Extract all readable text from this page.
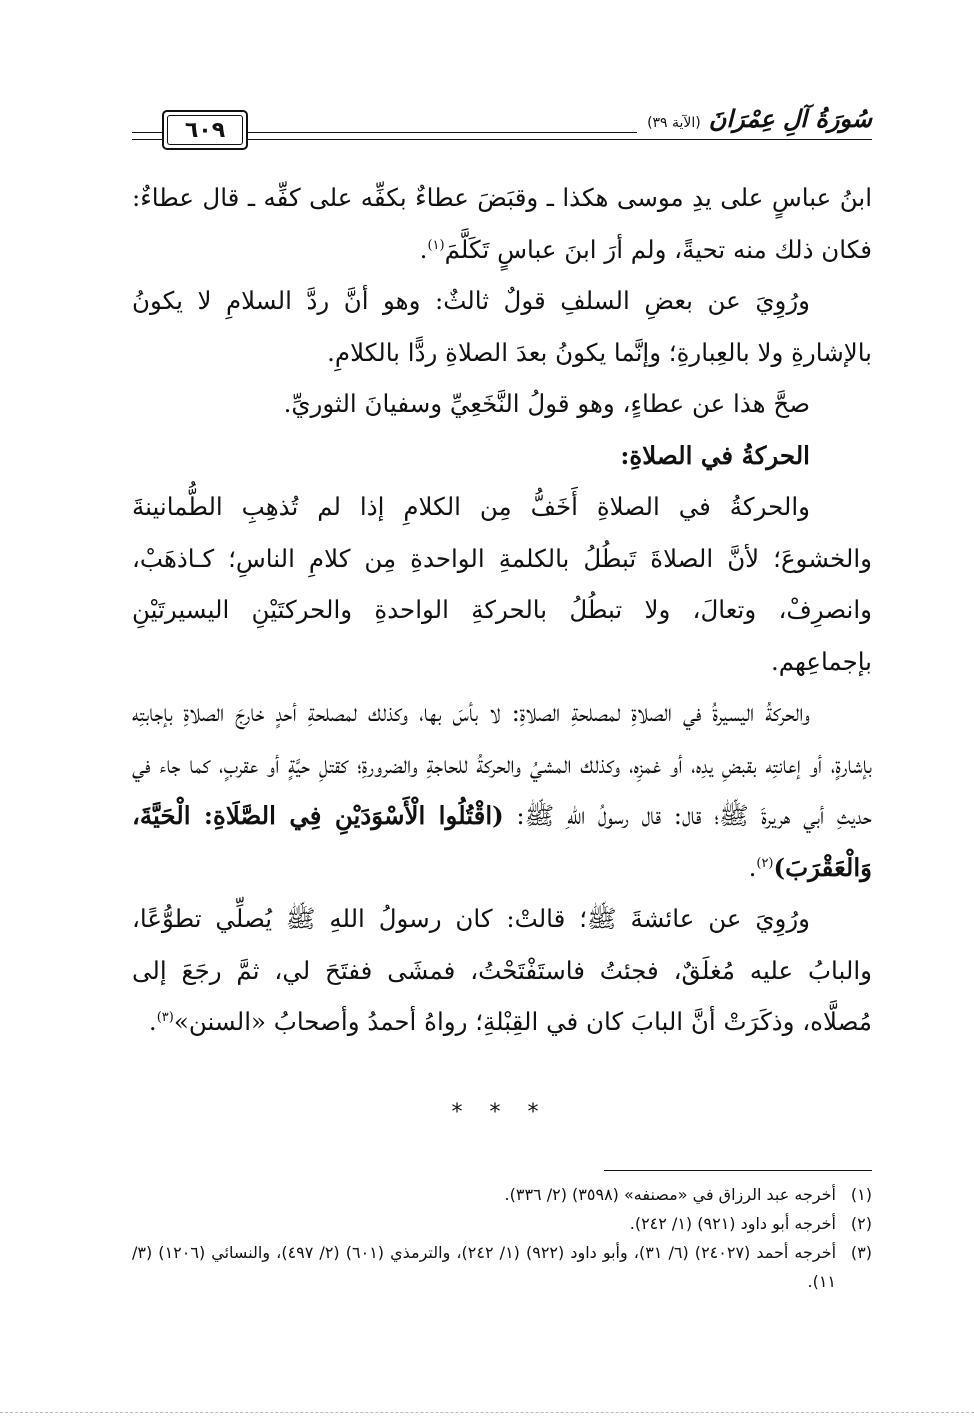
٦٠٩	سُورَةُ آلِ عِمْرَانَ
(الآية ٣٩)

ابنُ عباسٍ على يدِ موسى هكذا ـ وقبَضَ عطاءٌ بكفِّه على كفِّه ـ قال عطاءٌ: فكان ذلك منه تحيةً، ولم أرَ ابنَ عباسٍ تَكَلَّمَ$^{(١)}$.

ورُوِيَ عن بعضِ السلفِ قولٌ ثالثٌ: وهو أنَّ ردَّ السلامِ لا يكونُ بالإشارةِ ولا بالعِبارةِ؛ وإنَّما يكونُ بعدَ الصلاةِ ردًّا بالكلامِ.

صحَّ هذا عن عطاءٍ، وهو قولُ النَّخَعِيِّ وسفيانَ الثوريِّ.

الحركةُ في الصلاةِ:

والحركةُ في الصلاةِ أَخَفُّ مِن الكلامِ إذا لم تُذهِبِ الطُّمانينةَ والخشوعَ؛ لأنَّ الصلاةَ تَبطُلُ بالكلمةِ الواحدةِ مِن كلامِ الناسِ؛ كـاذهَبْ، وانصرِفْ، وتعالَ، ولا تبطُلُ بالحركةِ الواحدةِ والحركتَيْنِ اليسيرتَيْنِ بإجماعِهم.

والحركةُ اليسيرةُ في الصلاةِ لمصلحةِ الصلاةِ: لا بأسَ بها، وكذلك لمصلحةِ أحدٍ خارجَ الصلاةِ بإجابتِه بإشارةٍ، أو إعانتِه بقبضِ يدِه، أو غمزِه، وكذلك المشيُ والحركةُ للحاجةِ والضرورةِ؛ كقتلِ حيَّةٍ أو عقربٍ، كما جاء في حديثِ أبي هريرةَ ﷺ؛ قال: قال رسولُ اللهِ ﷺ: (اقْتُلُوا الْأَسْوَدَيْنِ فِي الصَّلَاةِ: الْحَيَّةَ، وَالْعَقْرَبَ)$^{(٢)}$.

ورُوِيَ عن عائشةَ ﷺ؛ قالتْ: كان رسولُ اللهِ ﷺ يُصلِّي تطوُّعًا، والبابُ عليه مُغلَقٌ، فجئتُ فاستَفْتَحْتُ، فمشَى ففتَحَ لي، ثمَّ رجَعَ إلى مُصلَّاه، وذكَرَتْ أنَّ البابَ كان في القِبْلةِ؛ رواهُ أحمدُ وأصحابُ «السنن»$^{(٣)}$.

* * *
(١)
أخرجه عبد الرزاق في «مصنفه» (٣٥٩٨) (٢/ ٣٣٦).
(٢)
أخرجه أبو داود (٩٢١) (١/ ٢٤٢).
(٣)
أخرجه أحمد (٢٤٠٢٧) (٦/ ٣١)، وأبو داود (٩٢٢) (١/ ٢٤٢)، والترمذي (٦٠١) (٢/ ٤٩٧)، والنسائي (١٢٠٦) (٣/ ١١).
